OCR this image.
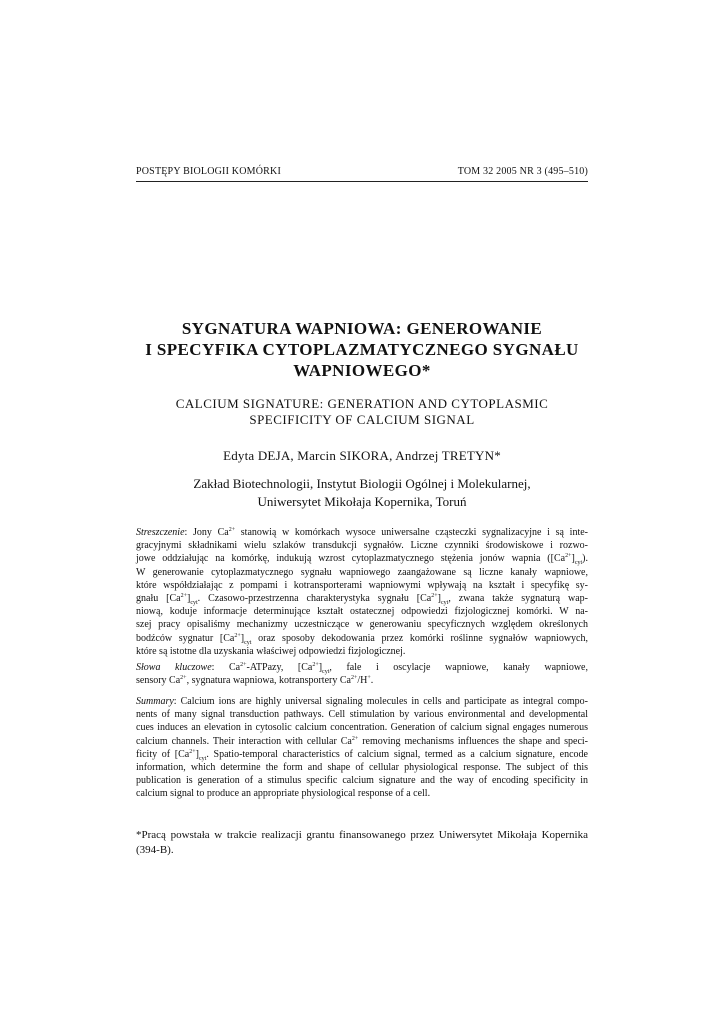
POSTĘPY BIOLOGII KOMÓRKI	TOM 32 2005 NR 3 (495–510)
SYGNATURA WAPNIOWA: GENEROWANIE
I SPECYFIKA CYTOPLAZMATYCZNEGO SYGNAŁU
WAPNIOWEGO*
CALCIUM SIGNATURE: GENERATION AND CYTOPLASMIC
SPECIFICITY OF CALCIUM SIGNAL
Edyta DEJA, Marcin SIKORA, Andrzej TRETYN*
Zakład Biotechnologii, Instytut Biologii Ogólnej i Molekularnej,
Uniwersytet Mikołaja Kopernika, Toruń
Streszczenie: Jony $Ca^{2+}$ stanowią w komórkach wysoce uniwersalne cząsteczki sygnalizacyjne i są inte-
gracyjnymi składnikami wielu szlaków transdukcji sygnałów. Liczne czynniki środowiskowe i rozwo-
jowe oddziałując na komórkę, indukują wzrost cytoplazmatycznego stężenia jonów wapnia $([Ca^{2+}]_{cyt})$.
W generowanie cytoplazmatycznego sygnału wapniowego zaangażowane są liczne kanały wapniowe,
które współdziałając z pompami i kotransporterami wapniowymi wpływają na kształt i specyfikę sy-
gnału $[Ca^{2+}]_{cyt}$. Czasowo-przestrzenna charakterystyka sygnału $[Ca^{2+}]_{cyt}$, zwana także sygnaturą wap-
niową, koduje informacje determinujące kształt ostatecznej odpowiedzi fizjologicznej komórki. W na-
szej pracy opisaliśmy mechanizmy uczestniczące w generowaniu specyficznych względem określonych
bodźców sygnatur $[Ca^{2+}]_{cyt}$ oraz sposoby dekodowania przez komórki roślinne sygnałów wapniowych,
które są istotne dla uzyskania właściwej odpowiedzi fizjologicznej.
Słowa kluczowe: $Ca^{2+}$-ATPazy, $[Ca^{2+}]_{cyt}$, fale i oscylacje wapniowe, kanały wapniowe,
sensory $Ca^{2+}$, sygnatura wapniowa, kotransportery $Ca^{2+}/H^+$.
Summary: Calcium ions are highly universal signaling molecules in cells and participate as integral compo-
nents of many signal transduction pathways. Cell stimulation by various environmental and developmental
cues induces an elevation in cytosolic calcium concentration. Generation of calcium signal engages numerous
calcium channels. Their interaction with cellular $Ca^{2+}$ removing mechanisms influences the shape and speci-
ficity of $[Ca^{2+}]_{cyt}$. Spatio-temporal characteristics of calcium signal, termed as a calcium signature, encode
information, which determine the form and shape of cellular physiological response. The subject of this
publication is generation of a stimulus specific calcium signature and the way of encoding specificity in
calcium signal to produce an appropriate physiological response of a cell.
*Pracą powstała w trakcie realizacji grantu finansowanego przez Uniwersytet Mikołaja Kopernika
(394-B).
